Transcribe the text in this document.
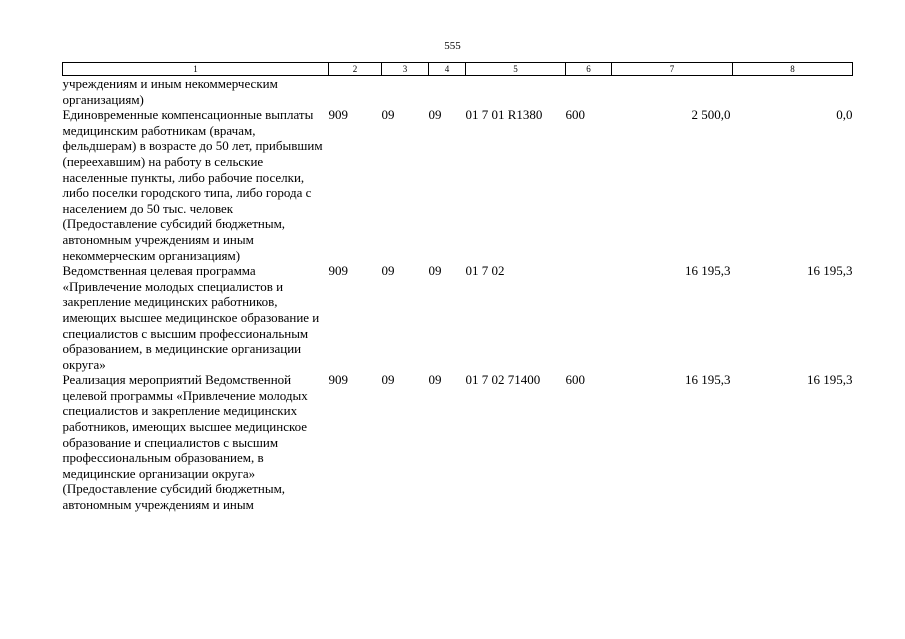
555
1	2	3	4	5	6	7	8
учреждениям и иным некоммерческим организациям)							
Единовременные компенсационные выплаты медицинским работникам (врачам, фельдшерам) в возрасте до 50 лет, прибывшим (переехавшим) на работу в сельские населенные пункты, либо рабочие поселки, либо поселки городского типа, либо города с населением до 50 тыс. человек (Предоставление субсидий бюджетным, автономным учреждениям и иным некоммерческим организациям)	909	09	09	01 7 01 R1380	600	2 500,0	0,0
Ведомственная целевая программа «Привлечение молодых специалистов и закрепление медицинских работников, имеющих высшее медицинское образование и специалистов с высшим профессиональным образованием, в медицинские организации округа»	909	09	09	01 7 02		16 195,3	16 195,3
Реализация мероприятий Ведомственной целевой программы «Привлечение молодых специалистов и закрепление медицинских работников, имеющих высшее медицинское образование и специалистов с высшим профессиональным образованием, в медицинские организации округа» (Предоставление субсидий бюджетным, автономным учреждениям и иным	909	09	09	01 7 02 71400	600	16 195,3	16 195,3
